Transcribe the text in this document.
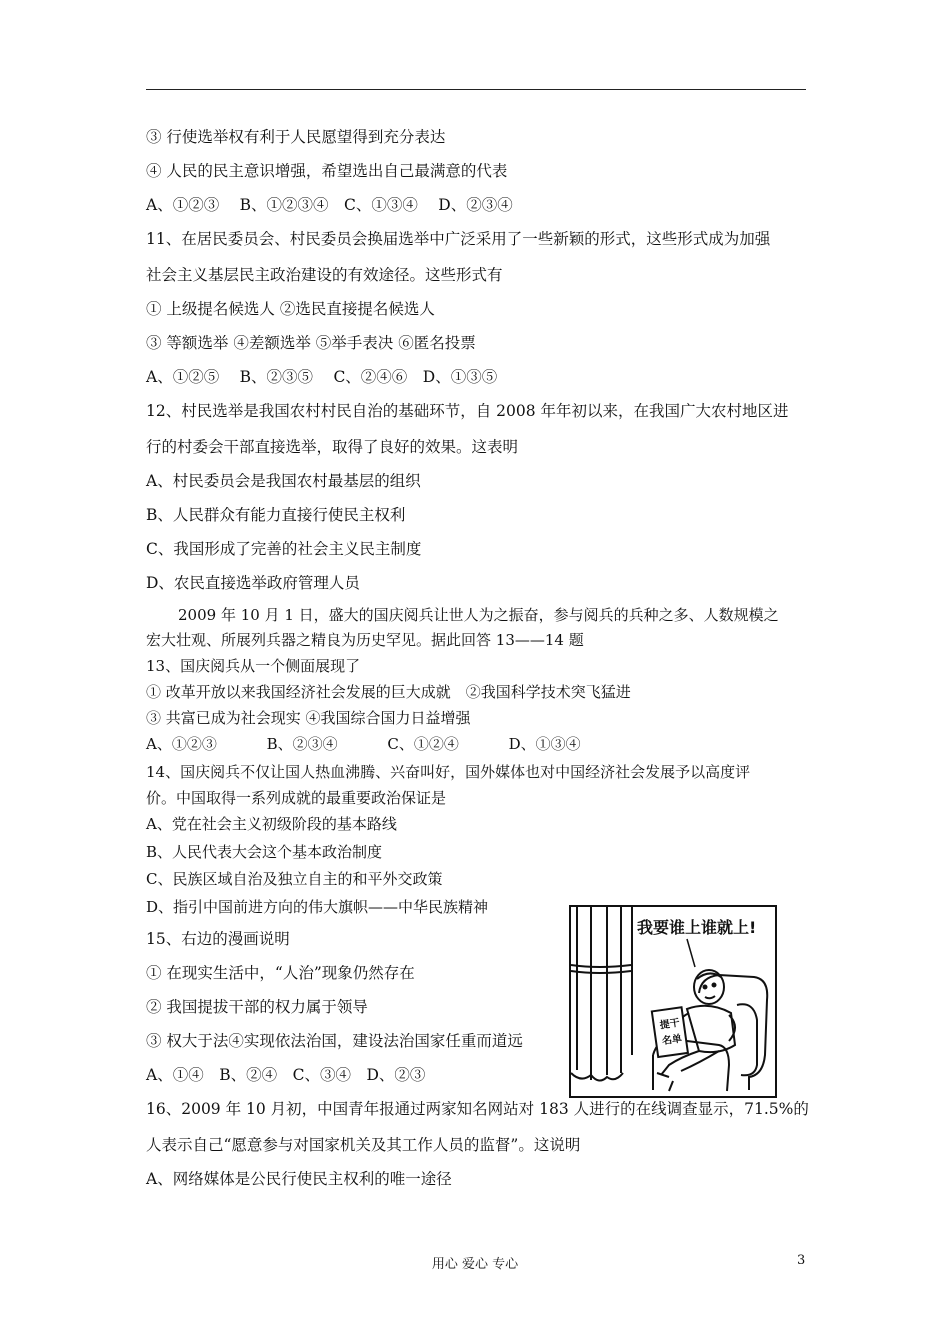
③ 行使选举权有利于人民愿望得到充分表达
④ 人民的民主意识增强，希望选出自己最满意的代表
A、①②③　 B、①②③④　C、①③④　 D、②③④
11、在居民委员会、村民委员会换届选举中广泛采用了一些新颖的形式，这些形式成为加强
社会主义基层民主政治建设的有效途径。这些形式有
① 上级提名候选人 ②选民直接提名候选人
③ 等额选举 ④差额选举 ⑤举手表决 ⑥匿名投票
A、①②⑤　 B、②③⑤　 C、②④⑥　D、①③⑤
12、村民选举是我国农村村民自治的基础环节，自 2008 年年初以来，在我国广大农村地区进
行的村委会干部直接选举，取得了良好的效果。这表明
A、村民委员会是我国农村最基层的组织
B、人民群众有能力直接行使民主权利
C、我国形成了完善的社会主义民主制度
D、农民直接选举政府管理人员
2009 年 10 月 1 日，盛大的国庆阅兵让世人为之振奋，参与阅兵的兵种之多、人数规模之
宏大壮观、所展列兵器之精良为历史罕见。据此回答 13——14 题
13、国庆阅兵从一个侧面展现了
① 改革开放以来我国经济社会发展的巨大成就　②我国科学技术突飞猛进
③ 共富已成为社会现实 ④我国综合国力日益增强
A、①②③　　　 B、②③④　　　 C、①②④　　　 D、①③④
14、国庆阅兵不仅让国人热血沸腾、兴奋叫好，国外媒体也对中国经济社会发展予以高度评
价。中国取得一系列成就的最重要政治保证是
A、党在社会主义初级阶段的基本路线
B、人民代表大会这个基本政治制度
C、民族区域自治及独立自主的和平外交政策
D、指引中国前进方向的伟大旗帜——中华民族精神
15、右边的漫画说明
① 在现实生活中，“人治”现象仍然存在
② 我国提拔干部的权力属于领导
③ 权大于法④实现依法治国，建设法治国家任重而道远
A、①④　B、②④　C、③④　D、②③
16、2009 年 10 月初，中国青年报通过两家知名网站对 183 人进行的在线调查显示，71.5%的
人表示自己“愿意参与对国家机关及其工作人员的监督”。这说明
A、网络媒体是公民行使民主权利的唯一途径
提干
名单
我要谁上谁就上!
用心 爱心 专心	3
